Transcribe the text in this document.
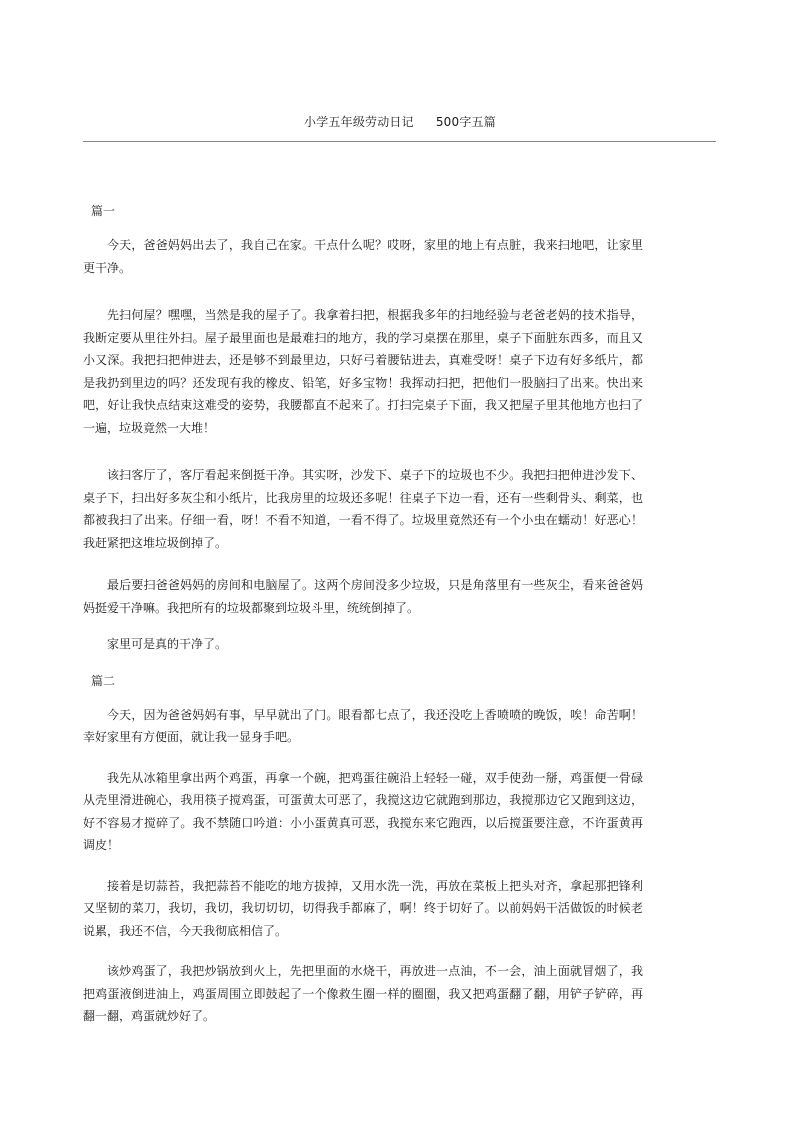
小学五年级劳动日记 500字五篇
篇一

今天，爸爸妈妈出去了，我自己在家。干点什么呢？哎呀，家里的地上有点脏，我来扫地吧，让家里更干净。

先扫何屋？嘿嘿，当然是我的屋子了。我拿着扫把，根据我多年的扫地经验与老爸老妈的技术指导，我断定要从里往外扫。屋子最里面也是最难扫的地方，我的学习桌摆在那里，桌子下面脏东西多，而且又小又深。我把扫把伸进去，还是够不到最里边，只好弓着腰钻进去，真难受呀！桌子下边有好多纸片，都是我扔到里边的吗？还发现有我的橡皮、铅笔，好多宝物！我挥动扫把，把他们一股脑扫了出来。快出来吧，好让我快点结束这难受的姿势，我腰都直不起来了。打扫完桌子下面，我又把屋子里其他地方也扫了一遍，垃圾竟然一大堆！

该扫客厅了，客厅看起来倒挺干净。其实呀，沙发下、桌子下的垃圾也不少。我把扫把伸进沙发下、桌子下，扫出好多灰尘和小纸片，比我房里的垃圾还多呢！往桌子下边一看，还有一些剩骨头、剩菜，也都被我扫了出来。仔细一看，呀！不看不知道，一看不得了。垃圾里竟然还有一个小虫在蠕动！好恶心！我赶紧把这堆垃圾倒掉了。

最后要扫爸爸妈妈的房间和电脑屋了。这两个房间没多少垃圾，只是角落里有一些灰尘，看来爸爸妈妈挺爱干净嘛。我把所有的垃圾都聚到垃圾斗里，统统倒掉了。

家里可是真的干净了。

篇二

今天，因为爸爸妈妈有事，早早就出了门。眼看都七点了，我还没吃上香喷喷的晚饭，唉！命苦啊！幸好家里有方便面，就让我一显身手吧。

我先从冰箱里拿出两个鸡蛋，再拿一个碗，把鸡蛋往碗沿上轻轻一碰，双手使劲一掰，鸡蛋便一骨碌从壳里滑进碗心，我用筷子搅鸡蛋，可蛋黄太可恶了，我搅这边它就跑到那边，我搅那边它又跑到这边，好不容易才搅碎了。我不禁随口吟道：小小蛋黄真可恶，我搅东来它跑西，以后搅蛋要注意，不许蛋黄再调皮！

接着是切蒜苔，我把蒜苔不能吃的地方拔掉，又用水洗一洗，再放在菜板上把头对齐，拿起那把锋利又坚韧的菜刀，我切，我切，我切切切，切得我手都麻了，啊！终于切好了。以前妈妈干活做饭的时候老说累，我还不信，今天我彻底相信了。

该炒鸡蛋了，我把炒锅放到火上，先把里面的水烧干，再放进一点油，不一会，油上面就冒烟了，我把鸡蛋液倒进油上，鸡蛋周围立即鼓起了一个像救生圈一样的圈圈，我又把鸡蛋翻了翻，用铲子铲碎，再翻一翻，鸡蛋就炒好了。
